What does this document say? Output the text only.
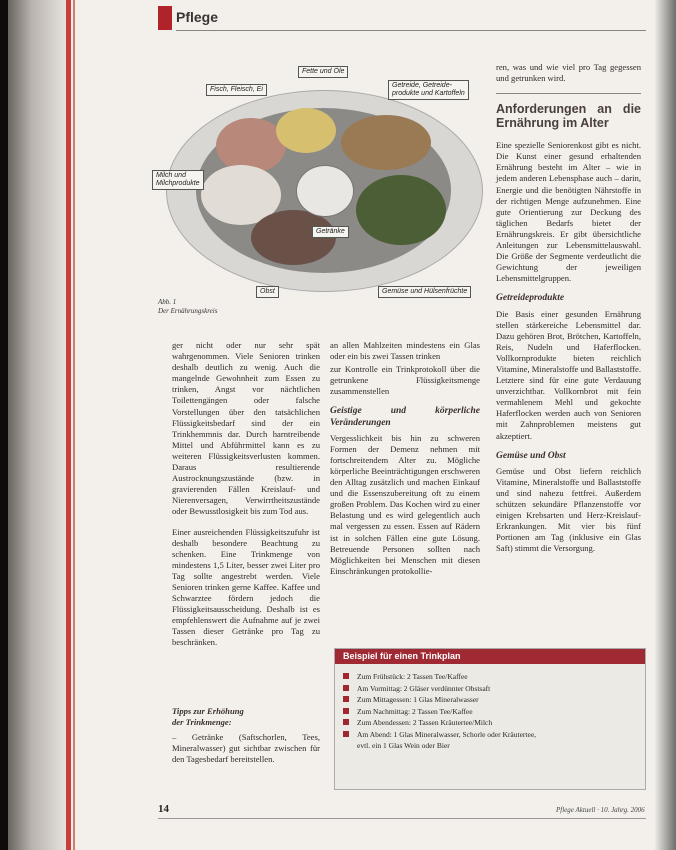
Pflege
Fette und Öle
Fisch, Fleisch, Ei
Getreide, Getreide-
produkte und Kartoffeln
Milch und
Milchprodukte
Getränke
Obst	Gemüse und Hülsenfrüchte
Abb. 1
Der Ernährungskreis

ger nicht oder nur sehr spät wahrgenommen. Viele Senioren trinken deshalb deutlich zu wenig. Auch die mangelnde Gewohnheit zum Essen zu trinken, Angst vor nächtlichen Toilettengängen oder falsche Vorstellungen über den tatsächlichen Flüssigkeitsbedarf sind der ein Trinkhemmnis dar. Durch harntreibende Mittel und Abführmittel kann es zu weiteren Flüssigkeitsverlusten kommen. Daraus resultierende Austrocknungszustände (bzw. in gravierenden Fällen Kreislauf- und Nierenversagen, Verwirrtheitszustände oder Bewusstlosigkeit bis zum Tod aus.

Einer ausreichenden Flüssigkeitszufuhr ist deshalb besondere Beachtung zu schenken. Eine Trinkmenge von mindestens 1,5 Liter, besser zwei Liter pro Tag sollte angestrebt werden. Viele Senioren trinken gerne Kaffee. Kaffee und Schwarztee fördern jedoch die Flüssigkeitsausscheidung. Deshalb ist es empfehlenswert die Aufnahme auf je zwei Tassen dieser Getränke pro Tag zu beschränken.

Tipps zur Erhöhung
der Trinkmenge:

– Getränke (Saftschorlen, Tees, Mineralwasser) gut sichtbar zwischen für den Tagesbedarf bereitstellen.

an allen Mahlzeiten mindestens ein Glas oder ein bis zwei Tassen trinken

zur Kontrolle ein Trinkprotokoll über die getrunkene Flüssigkeitsmenge zusammenstellen

Geistige und körperliche Veränderungen

Vergesslichkeit bis hin zu schweren Formen der Demenz nehmen mit fortschreitendem Alter zu. Mögliche körperliche Beeinträchtigungen erschweren den Alltag zusätzlich und machen Einkauf und die Essenszubereitung oft zu einem großen Problem. Das Kochen wird zu einer Belastung und es wird gelegentlich auch mal vergessen zu essen. Essen auf Rädern ist in solchen Fällen eine gute Lösung. Betreuende Personen sollten nach Möglichkeiten bei Menschen mit diesen Einschränkungen protokollie-

ren, was und wie viel pro Tag gegessen und getrunken wird.

Anforderungen an die Ernährung im Alter

Eine spezielle Seniorenkost gibt es nicht. Die Kunst einer gesund erhaltenden Ernährung besteht im Alter – wie in jedem anderen Lebensphase auch – darin, Energie und die benötigten Nährstoffe in der richtigen Menge aufzunehmen. Eine gute Orientierung zur Deckung des täglichen Bedarfs bietet der Ernährungskreis. Er gibt übersichtliche Anleitungen zur Lebensmittelauswahl. Die Größe der Segmente verdeutlicht die Gewichtung der jeweiligen Lebensmittelgruppen.

Getreideprodukte

Die Basis einer gesunden Ernährung stellen stärkereiche Lebensmittel dar. Dazu gehören Brot, Brötchen, Kartoffeln, Reis, Nudeln und Haferflocken. Vollkornprodukte bieten reichlich Vitamine, Mineralstoffe und Ballaststoffe. Letztere sind für eine gute Verdauung unverzichtbar. Vollkornbrot mit fein vermahlenem Mehl und gekochte Haferflocken werden auch von Senioren mit Zahnproblemen meistens gut akzeptiert.

Gemüse und Obst

Gemüse und Obst liefern reichlich Vitamine, Mineralstoffe und Ballaststoffe und sind nahezu fettfrei. Außerdem schützen sekundäre Pflanzenstoffe vor einigen Krebsarten und Herz-Kreislauf-Erkrankungen. Mit vier bis fünf Portionen am Tag (inklusive ein Glas Saft) stimmt die Versorgung.

Beispiel für einen Trinkplan
Zum Frühstück: 2 Tassen Tee/Kaffee
Am Vormittag: 2 Gläser verdünnter Obstsaft
Zum Mittagessen: 1 Glas Mineralwasser
Zum Nachmittag: 2 Tassen Tee/Kaffee
Zum Abendessen: 2 Tassen Kräutertee/Milch
Am Abend: 1 Glas Mineralwasser, Schorle oder Kräutertee,
evtl. ein 1 Glas Wein oder Bier
14	Pflege Aktuell · 10. Jahrg. 2006
